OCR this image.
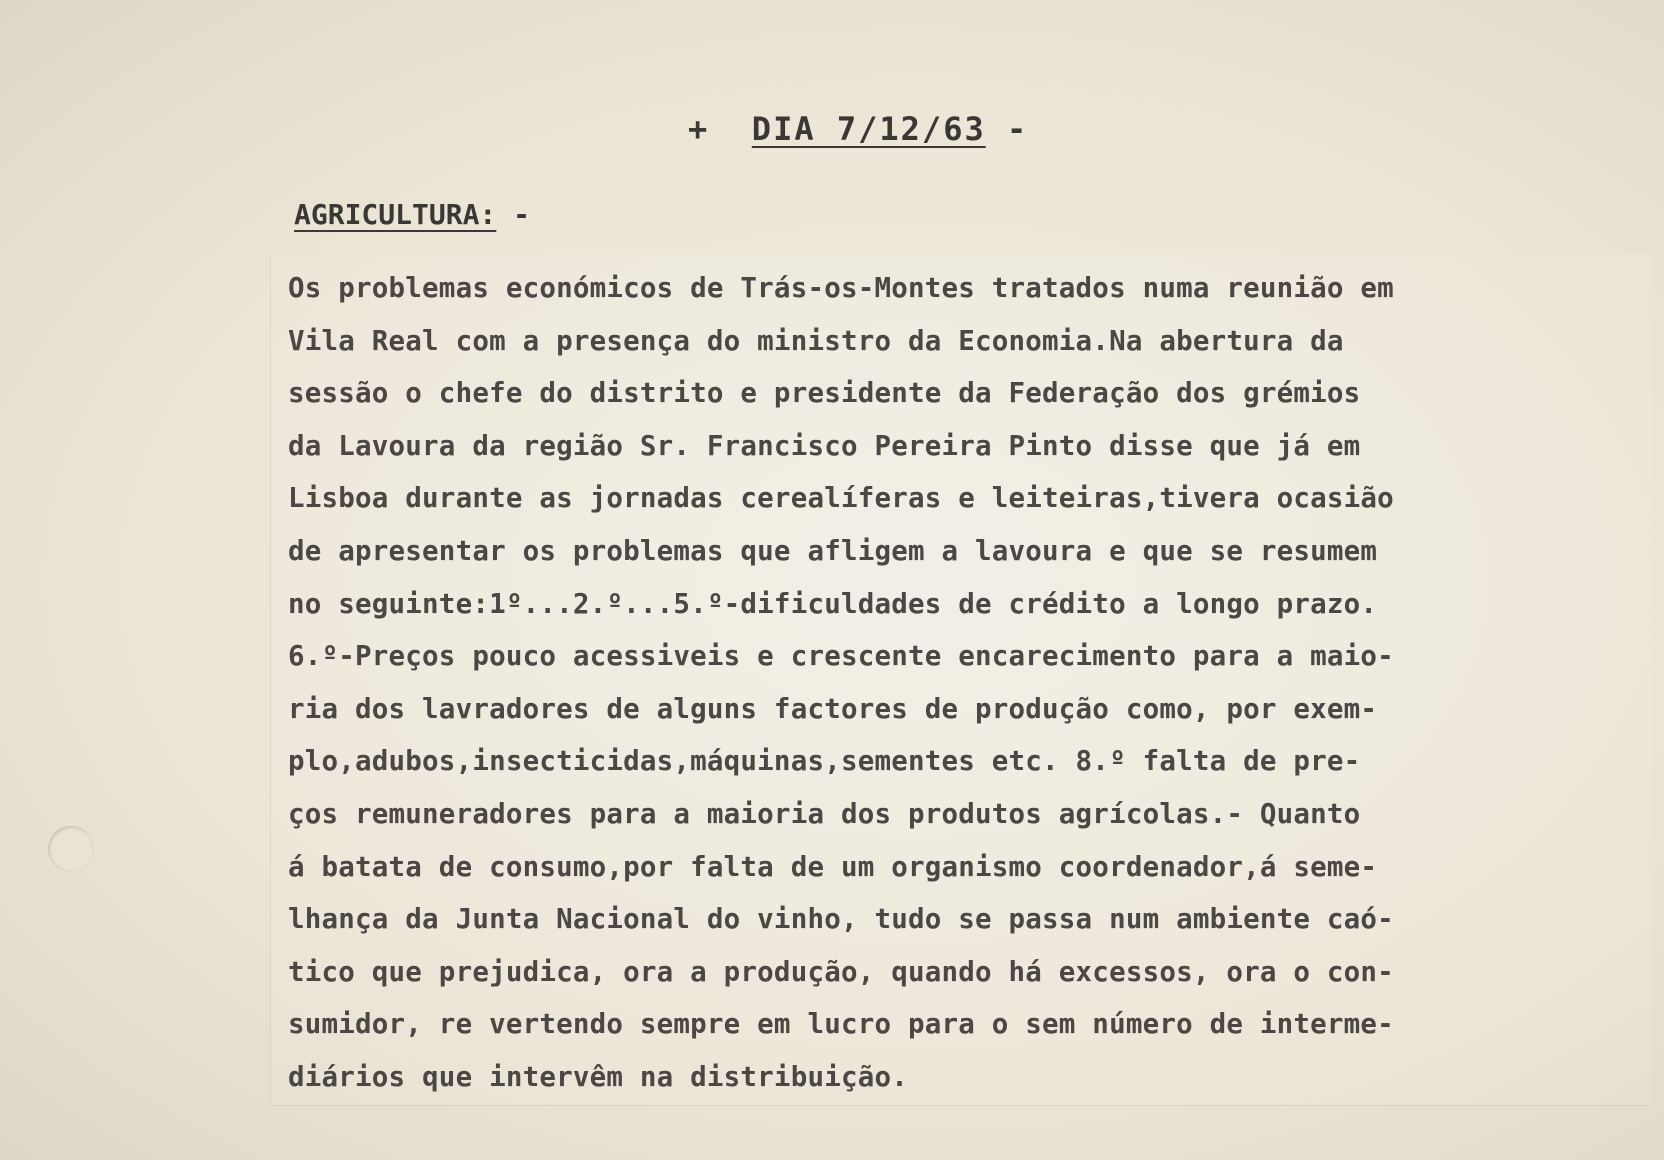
+ DIA 7/12/63 -
AGRICULTURA: -
Os problemas económicos de Trás-os-Montes tratados numa reunião em
Vila Real com a presença do ministro da Economia.Na abertura da
sessão o chefe do distrito e presidente da Federação dos grémios
da Lavoura da região Sr. Francisco Pereira Pinto disse que já em
Lisboa durante as jornadas cerealíferas e leiteiras,tivera ocasião
de apresentar os problemas que afligem a lavoura e que se resumem
no seguinte:1º...2.º...5.º-dificuldades de crédito a longo prazo.
6.º-Preços pouco acessiveis e crescente encarecimento para a maio-
ria dos lavradores de alguns factores de produção como, por exem-
plo,adubos,insecticidas,máquinas,sementes etc. 8.º falta de pre-
ços remuneradores para a maioria dos produtos agrícolas.- Quanto
á batata de consumo,por falta de um organismo coordenador,á seme-
lhança da Junta Nacional do vinho, tudo se passa num ambiente caó-
tico que prejudica, ora a produção, quando há excessos, ora o con-
sumidor, re vertendo sempre em lucro para o sem número de interme-
diários que intervêm na distribuição.
